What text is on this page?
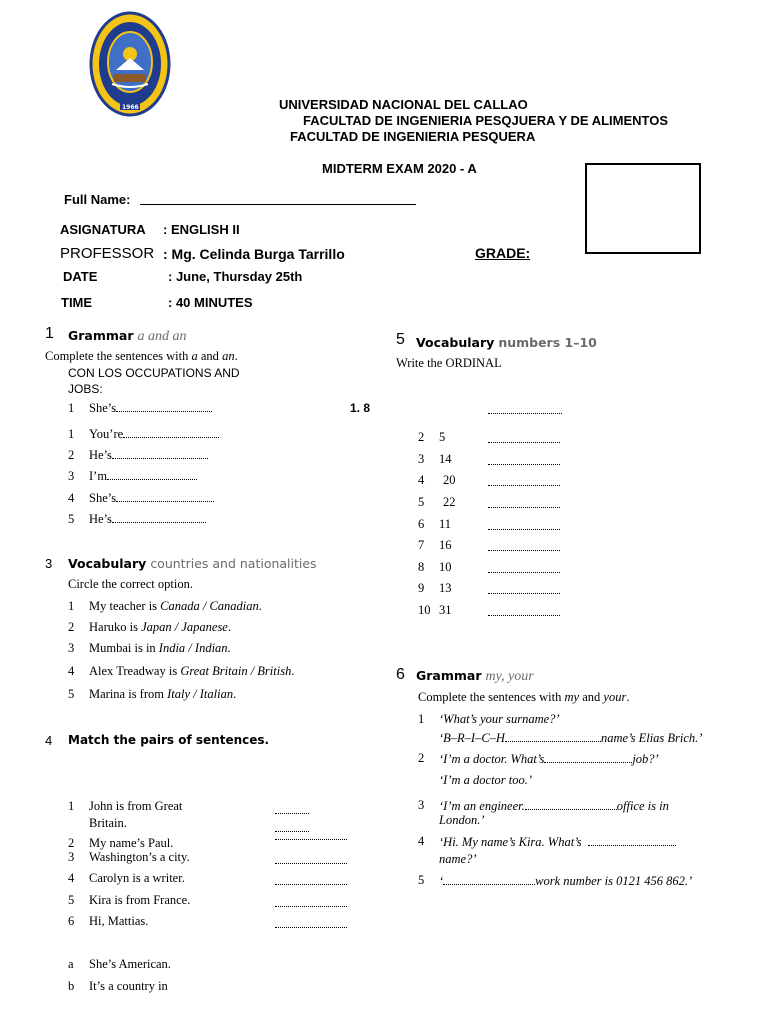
1966	UNIVERSIDAD NACIONAL DEL CALLAO
FACULTAD DE INGENIERIA PESQJUERA Y DE ALIMENTOS
FACULTAD DE INGENIERIA PESQUERA
MIDTERM EXAM 2020 - A
Full Name:
ASIGNATURA : ENGLISH II
PROFESSOR : Mg. Celinda Burga Tarrillo	GRADE:
DATE	: June, Thursday 25th
TIME	: 40 MINUTES
1 Grammar a and an
Complete the sentences with a and an.
CON LOS OCCUPATIONS AND
JOBS:
1 She’s
1 You’re
2 He’s
3 I’m
4 She’s
5 He’s
3 Vocabulary countries and nationalities
Circle the correct option.
1 My teacher is Canada / Canadian.
2 Haruko is Japan / Japanese.
3 Mumbai is in India / Indian.
4 Alex Treadway is Great Britain / British.
5 Marina is from Italy / Italian.
4 Match the pairs of sentences.
1 John is from Great
Britain.
2 My name’s Paul.
3 Washington’s a city.
4 Carolyn is a writer.
5 Kira is from France.
6 Hi, Mattias.
a She’s American.
b It’s a country in
5 Vocabulary numbers 1–10
Write the ORDINAL
1. 8
2 5
3 14
4 20
5 22
6 11
7 16
8 10
9 13
10 31
6 Grammar my, your
Complete the sentences with my and your.
1 ‘What’s your surname?’
‘B–R–I–C–H	name’s Elias Brich.’
2 ‘I’m a doctor. What’s	job?’
‘I’m a doctor too.’
3 ‘I’m an engineer.	office is in
London.’
4 ‘Hi. My name’s Kira. What’s
name?’
5 ‘	work number is 0121 456 862.’
